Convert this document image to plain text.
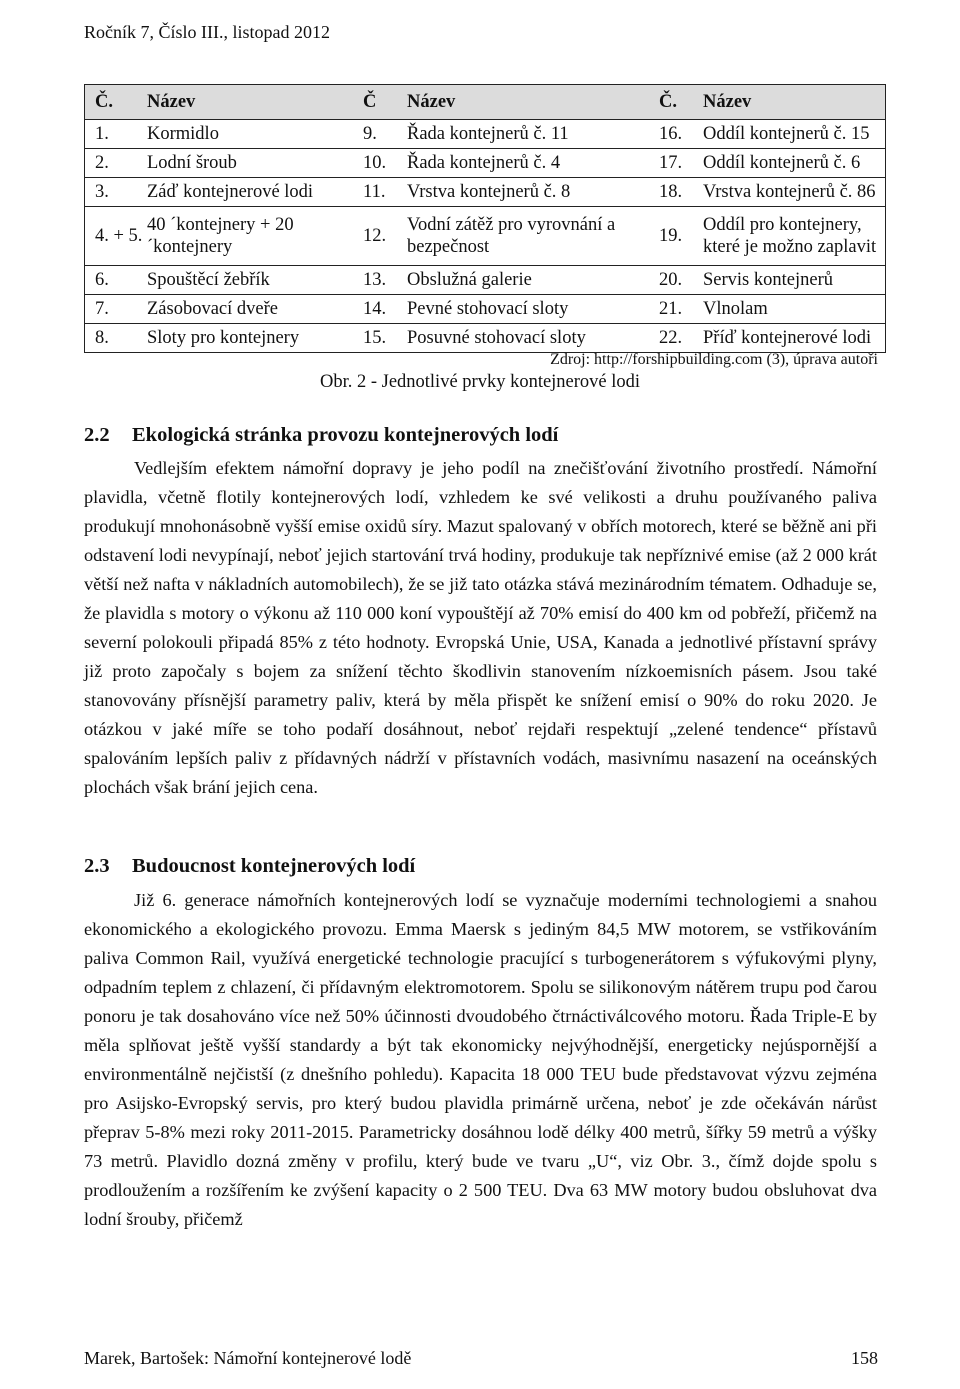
Ročník 7, Číslo III., listopad 2012
Č.	Název	Č	Název	Č.	Název
1.	Kormidlo	9.	Řada kontejnerů č. 11	16.	Oddíl kontejnerů č. 15
2.	Lodní šroub	10.	Řada kontejnerů č. 4	17.	Oddíl kontejnerů č. 6
3.	Záď kontejnerové lodi	11.	Vrstva kontejnerů č. 8	18.	Vrstva kontejnerů č. 86
4. + 5.	40 ´kontejnery + 20´kontejnery	12.	Vodní zátěž pro vyrovnání a bezpečnost	19.	Oddíl pro kontejnery, které je možno zaplavit
6.	Spouštěcí žebřík	13.	Obslužná galerie	20.	Servis kontejnerů
7.	Zásobovací dveře	14.	Pevné stohovací sloty	21.	Vlnolam
8.	Sloty pro kontejnery	15.	Posuvné stohovací sloty	22.	Příď kontejnerové lodi
Zdroj: http://forshipbuilding.com (3), úprava autoři
Obr. 2 - Jednotlivé prvky kontejnerové lodi
2.2 Ekologická stránka provozu kontejnerových lodí

Vedlejším efektem námořní dopravy je jeho podíl na znečišťování životního prostředí. Námořní plavidla, včetně flotily kontejnerových lodí, vzhledem ke své velikosti a druhu používaného paliva produkují mnohonásobně vyšší emise oxidů síry. Mazut spalovaný v obřích motorech, které se běžně ani při odstavení lodi nevypínají, neboť jejich startování trvá hodiny, produkuje tak nepříznivé emise (až 2 000 krát větší než nafta v nákladních automobilech), že se již tato otázka stává mezinárodním tématem. Odhaduje se, že plavidla s motory o výkonu až 110 000 koní vypouštějí až 70% emisí do 400 km od pobřeží, přičemž na severní polokouli připadá 85% z této hodnoty. Evropská Unie, USA, Kanada a jednotlivé přístavní správy již proto započaly s bojem za snížení těchto škodlivin stanovením nízkoemisních pásem. Jsou také stanovovány přísnější parametry paliv, která by měla přispět ke snížení emisí o 90% do roku 2020. Je otázkou v jaké míře se toho podaří dosáhnout, neboť rejdaři respektují „zelené tendence“ přístavů spalováním lepších paliv z přídavných nádrží v přístavních vodách, masivnímu nasazení na oceánských plochách však brání jejich cena.

2.3 Budoucnost kontejnerových lodí

Již 6. generace námořních kontejnerových lodí se vyznačuje moderními technologiemi a snahou ekonomického a ekologického provozu. Emma Maersk s jediným 84,5 MW motorem, se vstřikováním paliva Common Rail, využívá energetické technologie pracující s turbogenerátorem s výfukovými plyny, odpadním teplem z chlazení, či přídavným elektromotorem. Spolu se silikonovým nátěrem trupu pod čarou ponoru je tak dosahováno více než 50% účinnosti dvoudobého čtrnáctiválcového motoru. Řada Triple-E by měla splňovat ještě vyšší standardy a být tak ekonomicky nejvýhodnější, energeticky nejúspornější a environmentálně nejčistší (z dnešního pohledu). Kapacita 18 000 TEU bude představovat výzvu zejména pro Asijsko-Evropský servis, pro který budou plavidla primárně určena, neboť je zde očekáván nárůst přeprav 5-8% mezi roky 2011-2015. Parametricky dosáhnou lodě délky 400 metrů, šířky 59 metrů a výšky 73 metrů. Plavidlo dozná změny v profilu, který bude ve tvaru „U“, viz Obr. 3., čímž dojde spolu s prodloužením a rozšířením ke zvýšení kapacity o 2 500 TEU. Dva 63 MW motory budou obsluhovat dva lodní šrouby, přičemž

Marek, Bartošek: Námořní kontejnerové lodě	158
